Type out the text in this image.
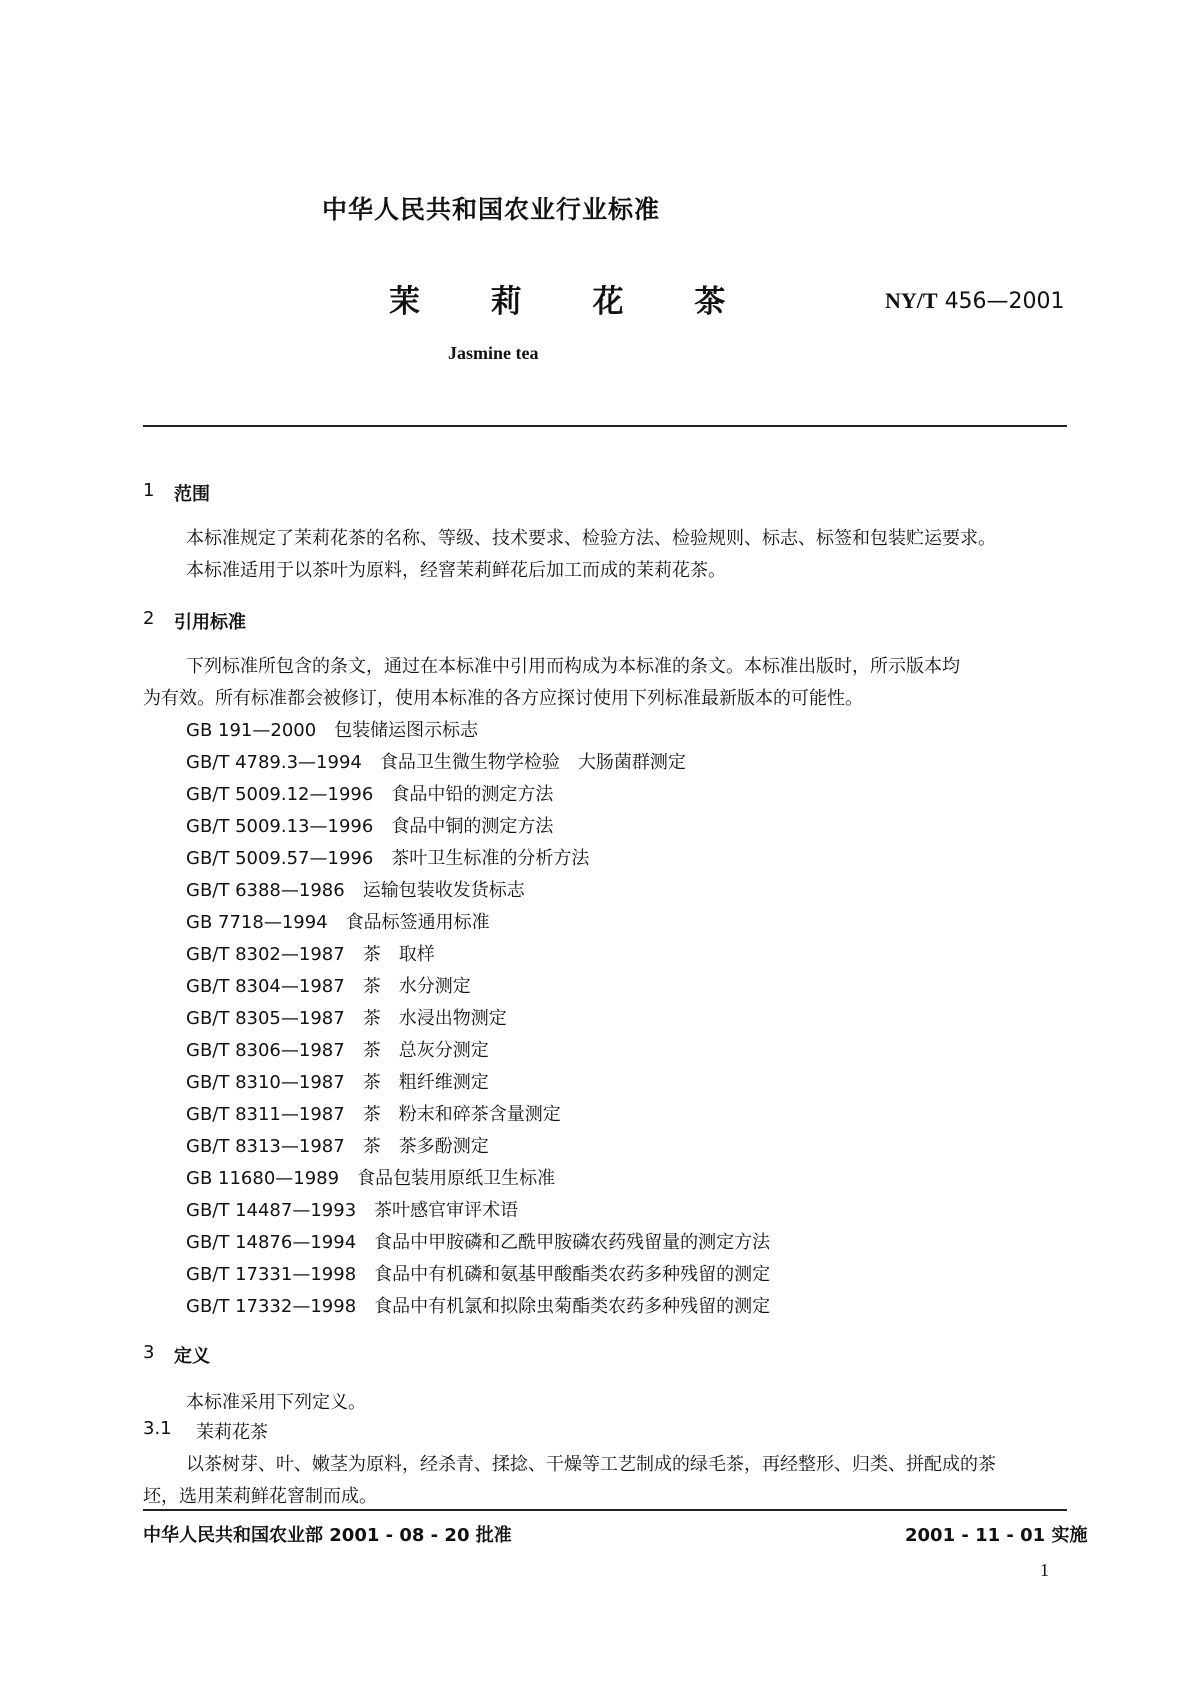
中华人民共和国农业行业标准
茉 莉 花 茶	NY/T 456—2001
Jasmine tea
1 范围
本标准规定了茉莉花茶的名称、等级、技术要求、检验方法、检验规则、标志、标签和包装贮运要求。
本标准适用于以茶叶为原料，经窨茉莉鲜花后加工而成的茉莉花茶。
2 引用标准
下列标准所包含的条文，通过在本标准中引用而构成为本标准的条文。本标准出版时，所示版本均
为有效。所有标准都会被修订，使用本标准的各方应探讨使用下列标准最新版本的可能性。
GB 191—2000 包装储运图示标志
GB/T 4789.3—1994 食品卫生微生物学检验　大肠菌群测定
GB/T 5009.12—1996 食品中铅的测定方法
GB/T 5009.13—1996 食品中铜的测定方法
GB/T 5009.57—1996 茶叶卫生标准的分析方法
GB/T 6388—1986 运输包装收发货标志
GB 7718—1994 食品标签通用标准
GB/T 8302—1987 茶　取样
GB/T 8304—1987 茶　水分测定
GB/T 8305—1987 茶　水浸出物测定
GB/T 8306—1987 茶　总灰分测定
GB/T 8310—1987 茶　粗纤维测定
GB/T 8311—1987 茶　粉末和碎茶含量测定
GB/T 8313—1987 茶　茶多酚测定
GB 11680—1989 食品包装用原纸卫生标准
GB/T 14487—1993 茶叶感官审评术语
GB/T 14876—1994 食品中甲胺磷和乙酰甲胺磷农药残留量的测定方法
GB/T 17331—1998 食品中有机磷和氨基甲酸酯类农药多种残留的测定
GB/T 17332—1998 食品中有机氯和拟除虫菊酯类农药多种残留的测定
3 定义
本标准采用下列定义。
3.1 茉莉花茶
以茶树芽、叶、嫩茎为原料，经杀青、揉捻、干燥等工艺制成的绿毛茶，再经整形、归类、拼配成的茶
坯，选用茉莉鲜花窨制而成。
中华人民共和国农业部 2001 - 08 - 20 批准	2001 - 11 - 01 实施
1
